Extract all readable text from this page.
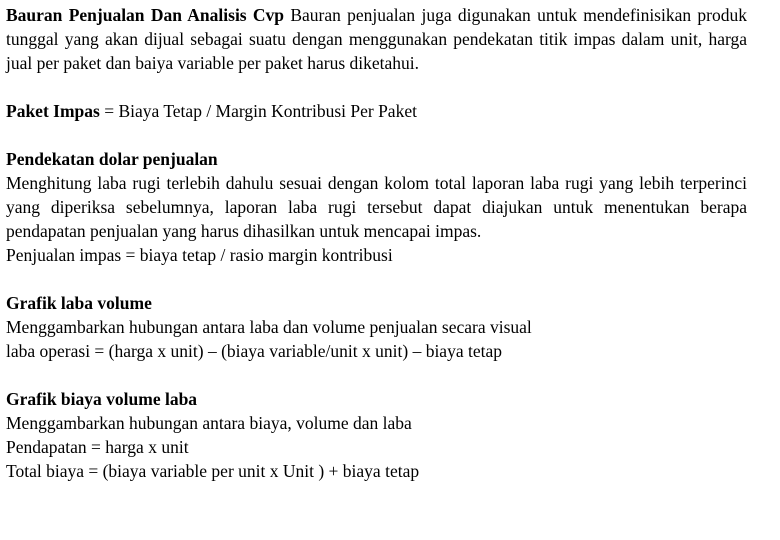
Bauran Penjualan Dan Analisis Cvp Bauran penjualan juga digunakan untuk mendefinisikan produk tunggal yang akan dijual sebagai suatu dengan menggunakan pendekatan titik impas dalam unit, harga jual per paket dan baiya variable per paket harus diketahui.

Paket Impas = Biaya Tetap / Margin Kontribusi Per Paket

Pendekatan dolar penjualan

Menghitung laba rugi terlebih dahulu sesuai dengan kolom total laporan laba rugi yang lebih terperinci yang diperiksa sebelumnya, laporan laba rugi tersebut dapat diajukan untuk menentukan berapa pendapatan penjualan yang harus dihasilkan untuk mencapai impas.

Penjualan impas = biaya tetap / rasio margin kontribusi

Grafik laba volume

Menggambarkan hubungan antara laba dan volume penjualan secara visual

laba operasi = (harga x unit) – (biaya variable/unit x unit) – biaya tetap

Grafik biaya volume laba

Menggambarkan hubungan antara biaya, volume dan laba

Pendapatan = harga x unit

Total biaya = (biaya variable per unit x Unit ) + biaya tetap
